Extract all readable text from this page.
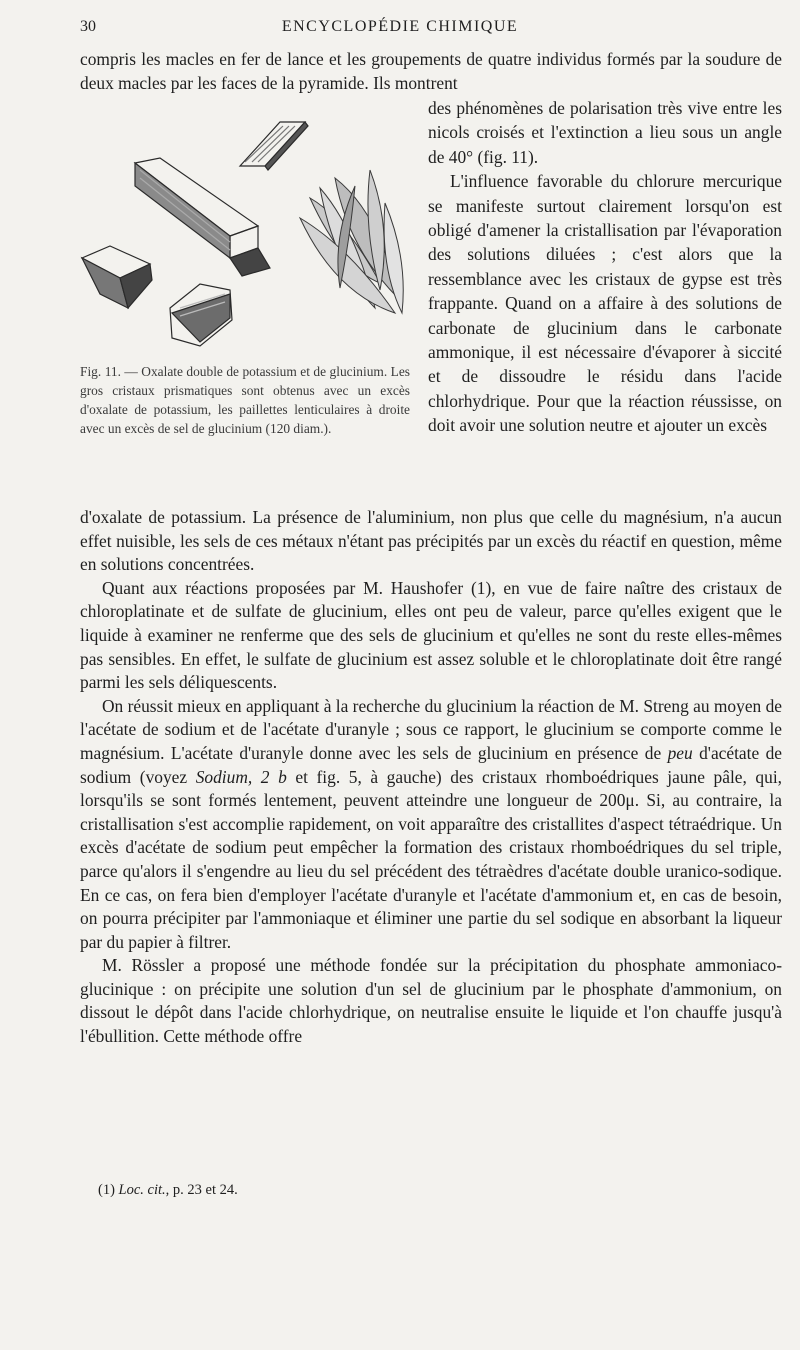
30	ENCYCLOPÉDIE CHIMIQUE

compris les macles en fer de lance et les groupements de quatre individus formés par la soudure de deux macles par les faces de la pyramide. Ils montrent

Fig. 11. — Oxalate double de potassium et de glucinium. Les gros cristaux prismatiques sont obtenus avec un excès d'oxalate de potassium, les paillettes lenticulaires à droite avec un excès de sel de glucinium (120 diam.).

des phénomènes de polarisation très vive entre les nicols croisés et l'extinction a lieu sous un angle de 40° (fig. 11).

L'influence favorable du chlorure mercurique se manifeste surtout clairement lorsqu'on est obligé d'amener la cristallisation par l'évaporation des solutions diluées ; c'est alors que la ressemblance avec les cristaux de gypse est très frappante. Quand on a affaire à des solutions de carbonate de glucinium dans le carbonate ammonique, il est nécessaire d'évaporer à siccité et de dissoudre le résidu dans l'acide chlorhydrique. Pour que la réaction réussisse, on doit avoir une solution neutre et ajouter un excès

d'oxalate de potassium. La présence de l'aluminium, non plus que celle du magnésium, n'a aucun effet nuisible, les sels de ces métaux n'étant pas précipités par un excès du réactif en question, même en solutions concentrées.

Quant aux réactions proposées par M. Haushofer (1), en vue de faire naître des cristaux de chloroplatinate et de sulfate de glucinium, elles ont peu de valeur, parce qu'elles exigent que le liquide à examiner ne renferme que des sels de glucinium et qu'elles ne sont du reste elles-mêmes pas sensibles. En effet, le sulfate de glucinium est assez soluble et le chloroplatinate doit être rangé parmi les sels déliquescents.

On réussit mieux en appliquant à la recherche du glucinium la réaction de M. Streng au moyen de l'acétate de sodium et de l'acétate d'uranyle ; sous ce rapport, le glucinium se comporte comme le magnésium. L'acétate d'uranyle donne avec les sels de glucinium en présence de peu d'acétate de sodium (voyez Sodium, 2 b et fig. 5, à gauche) des cristaux rhomboédriques jaune pâle, qui, lorsqu'ils se sont formés lentement, peuvent atteindre une longueur de 200μ. Si, au contraire, la cristallisation s'est accomplie rapidement, on voit apparaître des cristallites d'aspect tétraédrique. Un excès d'acétate de sodium peut empêcher la formation des cristaux rhomboédriques du sel triple, parce qu'alors il s'engendre au lieu du sel précédent des tétraèdres d'acétate double uranico-sodique. En ce cas, on fera bien d'employer l'acétate d'uranyle et l'acétate d'ammonium et, en cas de besoin, on pourra précipiter par l'ammoniaque et éliminer une partie du sel sodique en absorbant la liqueur par du papier à filtrer.

M. Rössler a proposé une méthode fondée sur la précipitation du phosphate ammoniaco-glucinique : on précipite une solution d'un sel de glucinium par le phosphate d'ammonium, on dissout le dépôt dans l'acide chlorhydrique, on neutralise ensuite le liquide et l'on chauffe jusqu'à l'ébullition. Cette méthode offre

(1) Loc. cit., p. 23 et 24.
